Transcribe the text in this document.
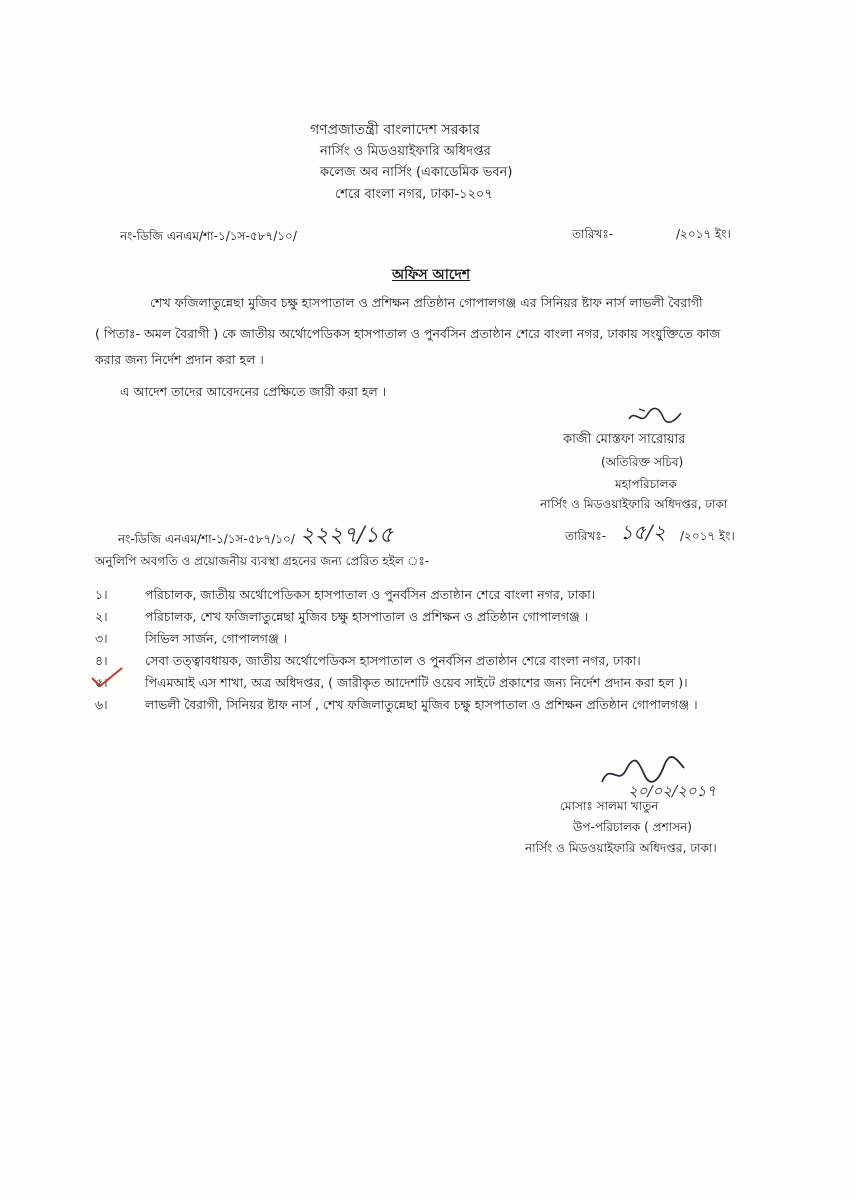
গণপ্রজাতন্ত্রী বাংলাদেশ সরকার
নার্সিং ও মিডওয়াইফারি অধিদপ্তর
কলেজ অব নার্সিং (একাডেমিক ভবন)
শেরে বাংলা নগর, ঢাকা-১২০৭
নং-ডিজি এনএম/শা-১/১স-৫৮৭/১০/	তারিখঃ-	/২০১৭ ইং।
অফিস আদেশ
শেখ ফজিলাতুন্নেছা মুজিব চক্ষু হাসপাতাল ও প্রশিক্ষন প্রতিষ্ঠান গোপালগঞ্জ এর সিনিয়র ষ্টাফ নার্স লাভলী বৈরাগী
( পিতাঃ- অমল বৈরাগী ) কে জাতীয় অর্থোপেডিকস হাসপাতাল ও পুনর্বসিন প্রতাষ্ঠান শেরে বাংলা নগর, ঢাকায় সংযুক্তিতে কাজ
করার জন্য নির্দেশ প্রদান করা হল ।
এ আদেশ তাদের আবেদনের প্রেক্ষিতে জারী করা হল ।
কাজী মোস্তফা সারোয়ার
(অতিরিক্ত সচিব)
মহাপরিচালক
নার্সিং ও মিডওয়াইফারি অধিদপ্তর, ঢাকা
নং-ডিজি এনএম/শা-১/১স-৫৮৭/১০/ ২২২৭/১৫	তারিখঃ- ১৫/২ /২০১৭ ইং।
অনুলিপি অবগতি ও প্রয়োজনীয় ব্যবস্থা গ্রহনের জন্য প্রেরিত হইল ঃ-
১।	পরিচালক, জাতীয় অর্থোপেডিকস হাসপাতাল ও পুনর্বসিন প্রতাষ্ঠান শেরে বাংলা নগর, ঢাকা।
২।	পরিচালক, শেখ ফজিলাতুন্নেছা মুজিব চক্ষু হাসপাতাল ও প্রশিক্ষন ও প্রতিষ্ঠান গোপালগঞ্জ ।
৩।	সিভিল সার্জন, গোপালগঞ্জ ।
৪।	সেবা তত্ত্বাবধায়ক, জাতীয় অর্থোপেডিকস হাসপাতাল ও পুনর্বসিন প্রতাষ্ঠান শেরে বাংলা নগর, ঢাকা।
৫।	পিএমআই এস শাখা, অত্র অধিদপ্তর, ( জারীকৃত আদেশটি ওয়েব সাইটে প্রকাশের জন্য নির্দেশ প্রদান করা হল )।
৬।	লাভলী বৈরাগী, সিনিয়র ষ্টাফ নার্স , শেখ ফজিলাতুন্নেছা মুজিব চক্ষু হাসপাতাল ও প্রশিক্ষন প্রতিষ্ঠান গোপালগঞ্জ ।
২০/০২/২০১৭
মোসাঃ সালমা খাতুন
উপ-পরিচালক ( প্রশাসন)
নার্সিং ও মিডওয়াইফারি অধিদপ্তর, ঢাকা।
